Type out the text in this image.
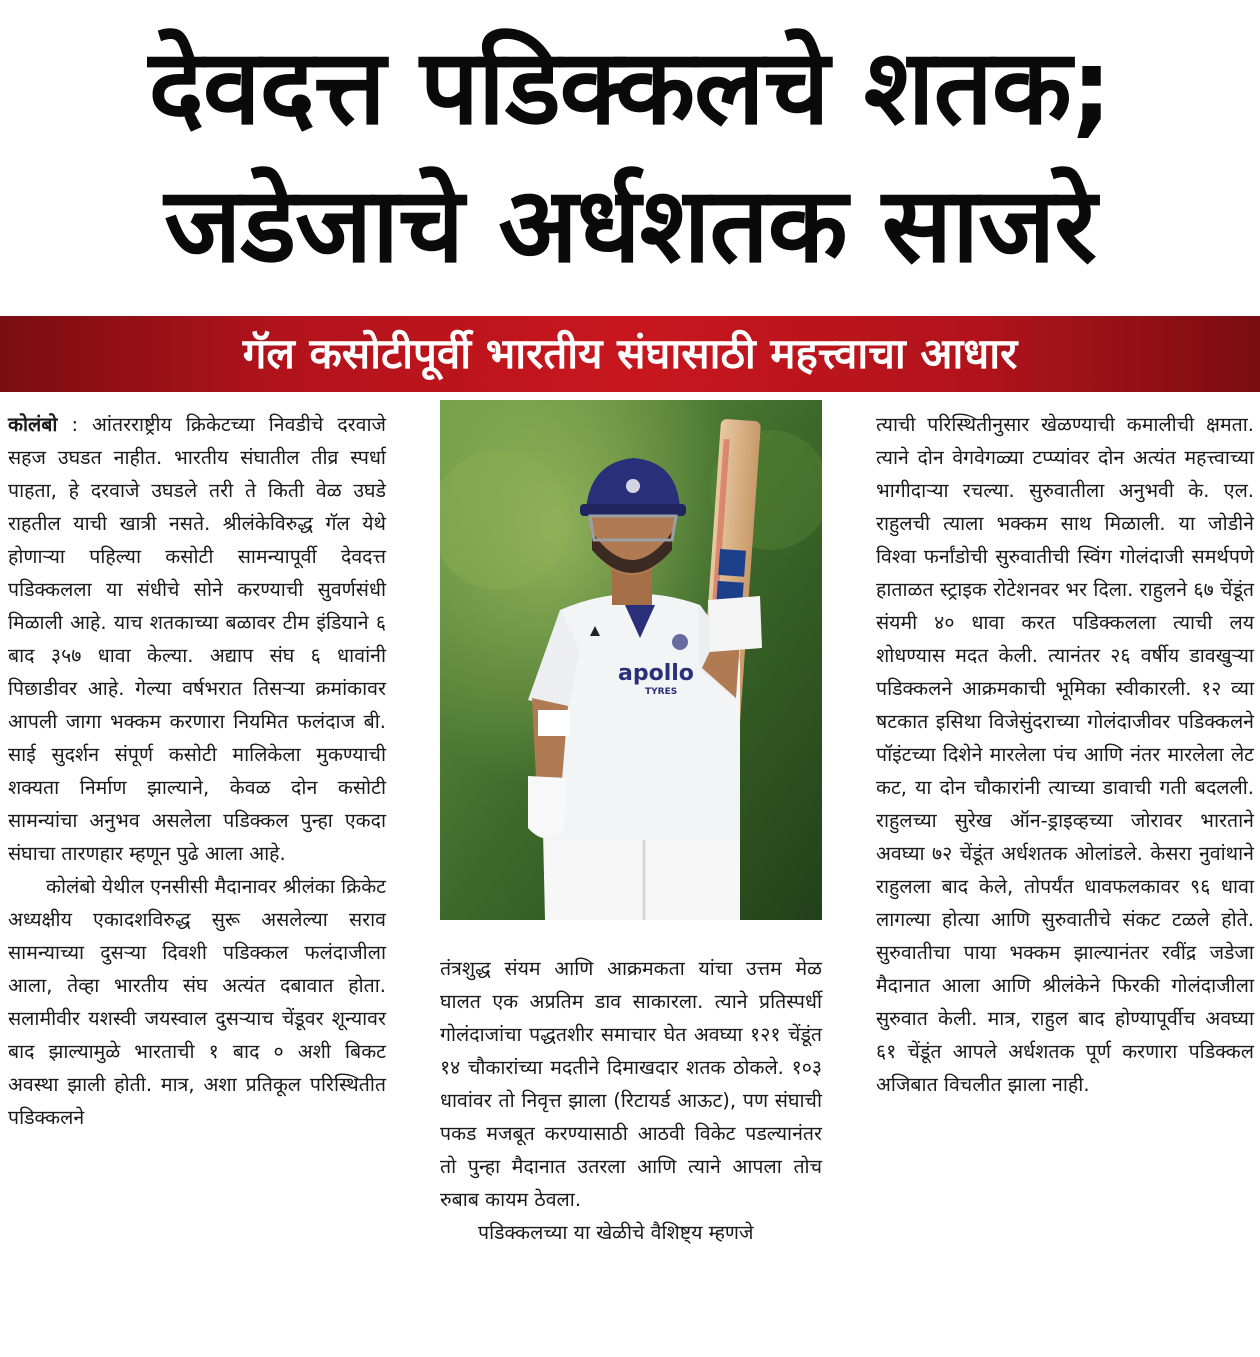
देवदत्त पडिक्कलचे शतक;
जडेजाचे अर्धशतक साजरे
गॅल कसोटीपूर्वी भारतीय संघासाठी महत्त्वाचा आधार

कोलंबो : आंतरराष्ट्रीय क्रिकेटच्या निवडीचे दरवाजे सहज उघडत नाहीत. भारतीय संघातील तीव्र स्पर्धा पाहता, हे दरवाजे उघडले तरी ते किती वेळ उघडे राहतील याची खात्री नसते. श्रीलंकेविरुद्ध गॅल येथे होणाऱ्या पहिल्या कसोटी सामन्यापूर्वी देवदत्त पडिक्कलला या संधीचे सोने करण्याची सुवर्णसंधी मिळाली आहे. याच शतकाच्या बळावर टीम इंडियाने ६ बाद ३५७ धावा केल्या. अद्याप संघ ६ धावांनी पिछाडीवर आहे. गेल्या वर्षभरात तिसऱ्या क्रमांकावर आपली जागा भक्कम करणारा नियमित फलंदाज बी. साई सुदर्शन संपूर्ण कसोटी मालिकेला मुकण्याची शक्यता निर्माण झाल्याने, केवळ दोन कसोटी सामन्यांचा अनुभव असलेला पडिक्कल पुन्हा एकदा संघाचा तारणहार म्हणून पुढे आला आहे.

कोलंबो येथील एनसीसी मैदानावर श्रीलंका क्रिकेट अध्यक्षीय एकादशविरुद्ध सुरू असलेल्या सराव सामन्याच्या दुसऱ्या दिवशी पडिक्कल फलंदाजीला आला, तेव्हा भारतीय संघ अत्यंत दबावात होता. सलामीवीर यशस्वी जयस्वाल दुसऱ्याच चेंडूवर शून्यावर बाद झाल्यामुळे भारताची १ बाद ० अशी बिकट अवस्था झाली होती. मात्र, अशा प्रतिकूल परिस्थितीत पडिक्कलने

apollo
TYRES

तंत्रशुद्ध संयम आणि आक्रमकता यांचा उत्तम मेळ घालत एक अप्रतिम डाव साकारला. त्याने प्रतिस्पर्धी गोलंदाजांचा पद्धतशीर समाचार घेत अवघ्या १२१ चेंडूंत १४ चौकारांच्या मदतीने दिमाखदार शतक ठोकले. १०३ धावांवर तो निवृत्त झाला (रिटायर्ड आऊट), पण संघाची पकड मजबूत करण्यासाठी आठवी विकेट पडल्यानंतर तो पुन्हा मैदानात उतरला आणि त्याने आपला तोच रुबाब कायम ठेवला.

पडिक्कलच्या या खेळीचे वैशिष्ट्य म्हणजे

त्याची परिस्थितीनुसार खेळण्याची कमालीची क्षमता. त्याने दोन वेगवेगळ्या टप्प्यांवर दोन अत्यंत महत्त्वाच्या भागीदाऱ्या रचल्या. सुरुवातीला अनुभवी के. एल. राहुलची त्याला भक्कम साथ मिळाली. या जोडीने विश्वा फर्नांडोची सुरुवातीची स्विंग गोलंदाजी समर्थपणे हाताळत स्ट्राइक रोटेशनवर भर दिला. राहुलने ६७ चेंडूंत संयमी ४० धावा करत पडिक्कलला त्याची लय शोधण्यास मदत केली. त्यानंतर २६ वर्षीय डावखुऱ्या पडिक्कलने आक्रमकाची भूमिका स्वीकारली. १२ व्या षटकात इसिथा विजेसुंदराच्या गोलंदाजीवर पडिक्कलने पॉइंटच्या दिशेने मारलेला पंच आणि नंतर मारलेला लेट कट, या दोन चौकारांनी त्याच्या डावाची गती बदलली. राहुलच्या सुरेख ऑन-ड्राइव्हच्या जोरावर भारताने अवघ्या ७२ चेंडूंत अर्धशतक ओलांडले. केसरा नुवांथाने राहुलला बाद केले, तोपर्यंत धावफलकावर ९६ धावा लागल्या होत्या आणि सुरुवातीचे संकट टळले होते. सुरुवातीचा पाया भक्कम झाल्यानंतर रवींद्र जडेजा मैदानात आला आणि श्रीलंकेने फिरकी गोलंदाजीला सुरुवात केली. मात्र, राहुल बाद होण्यापूर्वीच अवघ्या ६१ चेंडूंत आपले अर्धशतक पूर्ण करणारा पडिक्कल अजिबात विचलीत झाला नाही.
